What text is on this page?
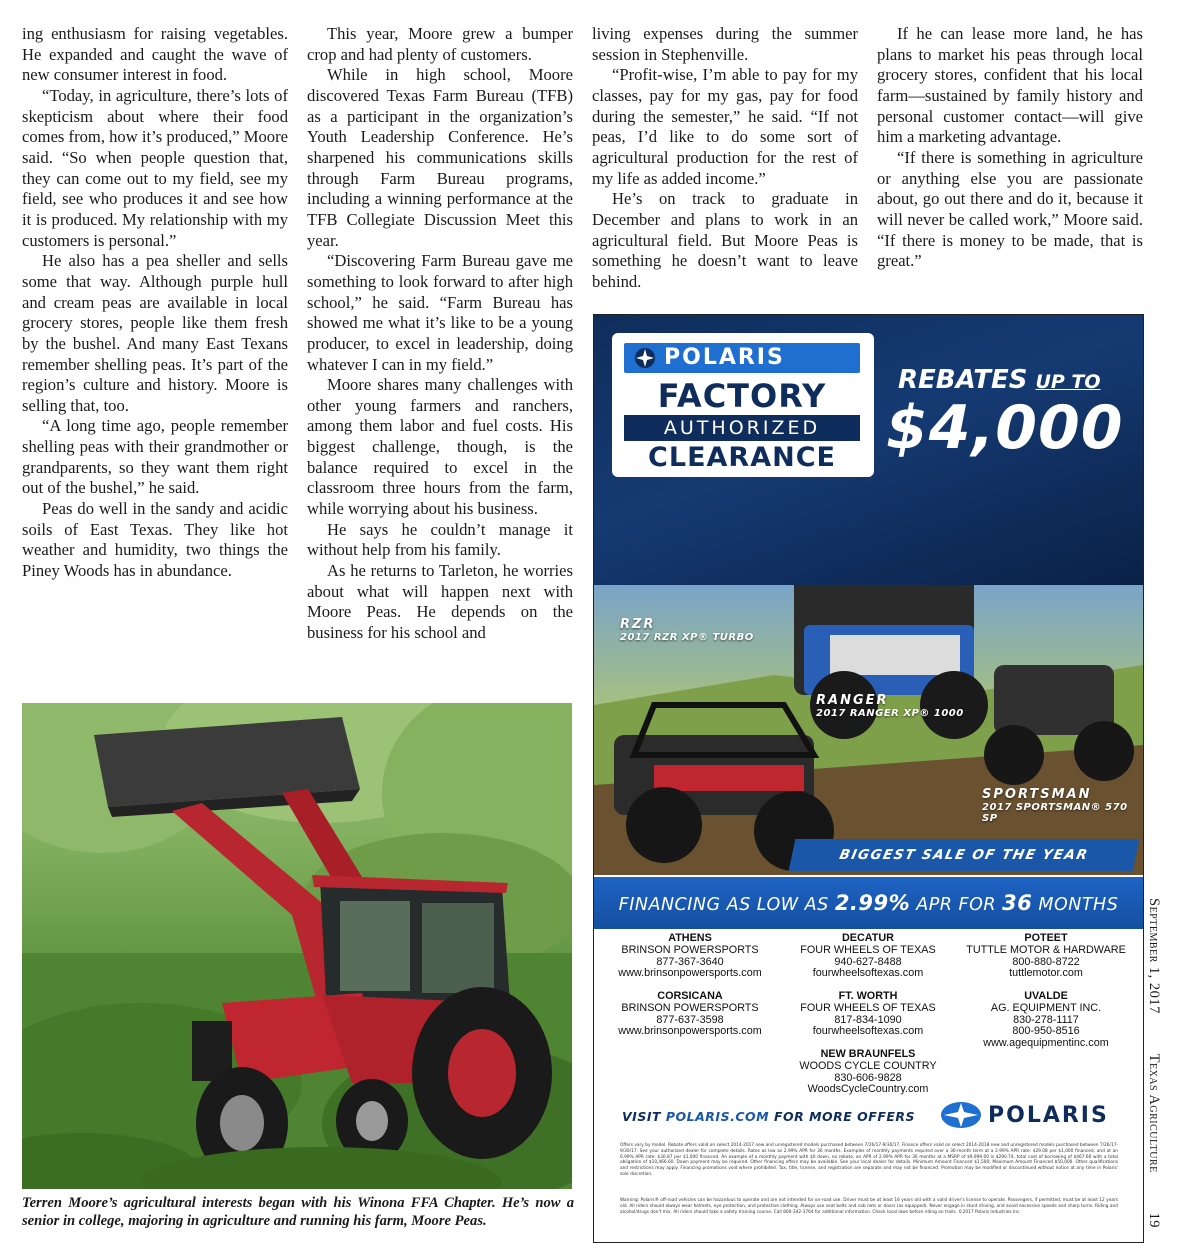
ing enthusiasm for raising vegetables. He expanded and caught the wave of new consumer interest in food.

“Today, in agriculture, there’s lots of skepticism about where their food comes from, how it’s produced,” Moore said. “So when people question that, they can come out to my field, see my field, see who produces it and see how it is produced. My relationship with my customers is personal.”

He also has a pea sheller and sells some that way. Although purple hull and cream peas are available in local grocery stores, people like them fresh by the bushel. And many East Texans remember shelling peas. It’s part of the region’s culture and history. Moore is selling that, too.

“A long time ago, people remember shelling peas with their grandmother or grandparents, so they want them right out of the bushel,” he said.

Peas do well in the sandy and acidic soils of East Texas. They like hot weather and humidity, two things the Piney Woods has in abundance.

This year, Moore grew a bumper crop and had plenty of customers.

While in high school, Moore discovered Texas Farm Bureau (TFB) as a participant in the organization’s Youth Leadership Conference. He’s sharpened his communications skills through Farm Bureau programs, including a winning performance at the TFB Collegiate Discussion Meet this year.

“Discovering Farm Bureau gave me something to look forward to after high school,” he said. “Farm Bureau has showed me what it’s like to be a young producer, to excel in leadership, doing whatever I can in my field.”

Moore shares many challenges with other young farmers and ranchers, among them labor and fuel costs. His biggest challenge, though, is the balance required to excel in the classroom three hours from the farm, while worrying about his business.

He says he couldn’t manage it without help from his family.

As he returns to Tarleton, he worries about what will happen next with Moore Peas. He depends on the business for his school and

living expenses during the summer session in Stephenville.

“Profit-wise, I’m able to pay for my classes, pay for my gas, pay for food during the semester,” he said. “If not peas, I’d like to do some sort of agricultural production for the rest of my life as added income.”

He’s on track to graduate in December and plans to work in an agricultural field. But Moore Peas is something he doesn’t want to leave behind.

If he can lease more land, he has plans to market his peas through local grocery stores, confident that his local farm—sustained by family history and personal customer contact—will give him a marketing advantage.

“If there is something in agriculture or anything else you are passionate about, go out there and do it, because it will never be called work,” Moore said. “If there is money to be made, that is great.”

Terren Moore’s agricultural interests began with his Winona FFA Chapter. He’s now a senior in college, majoring in agriculture and running his farm, Moore Peas.
POLARIS
FACTORY
AUTHORIZED
CLEARANCE
REBATES UP TO
$4,000
RZR
2017 RZR XP® TURBO
RANGER
2017 RANGER XP® 1000
SPORTSMAN
2017 SPORTSMAN® 570 SP
BIGGEST SALE OF THE YEAR
FINANCING AS LOW AS 2.99% APR FOR 36 MONTHS
ATHENS
BRINSON POWERSPORTS
877-367-3640
www.brinsonpowersports.com
DECATUR
FOUR WHEELS OF TEXAS
940-627-8488
fourwheelsoftexas.com
POTEET
TUTTLE MOTOR & HARDWARE
800-880-8722
tuttlemotor.com
CORSICANA
BRINSON POWERSPORTS
877-637-3598
www.brinsonpowersports.com
FT. WORTH
FOUR WHEELS OF TEXAS
817-834-1090
fourwheelsoftexas.com
UVALDE
AG. EQUIPMENT INC.
830-278-1117
800-950-8516
www.agequipmentinc.com
NEW BRAUNFELS
WOODS CYCLE COUNTRY
830-606-9828
WoodsCycleCountry.com
VISIT POLARIS.COM FOR MORE OFFERS	POLARIS
Offers vary by model. Rebate offers valid on select 2014-2017 new and unregistered models purchased between 7/26/17-9/30/17. Finance offers valid on select 2014-2018 new and unregistered models purchased between 7/26/17-9/30/17. See your authorized dealer for complete details. Rates as low as 2.99% APR for 36 months. Examples of monthly payments required over a 36-month term at a 2.99% APR rate: $29.08 per $1,000 financed, and at an 6.99% APR rate: $30.87 per $1,000 financed. An example of a monthly payment with $0 down, no rebate, an APR of 2.99% APR for 36 months at a MSRP of $9,999.00 is $290.74, total cost of borrowing of $467.60 with a total obligation of $10,466.60. Down payment may be required. Other financing offers may be available. See your local dealer for details. Minimum Amount Financed $1,500; Maximum Amount Financed $50,000. Other qualifications and restrictions may apply. Financing promotions void where prohibited. Tax, title, license, and registration are separate and may not be financed. Promotion may be modified or discontinued without notice at any time in Polaris' sole discretion.
Warning: Polaris® off-road vehicles can be hazardous to operate and are not intended for on-road use. Driver must be at least 16 years old with a valid driver's license to operate. Passengers, if permitted, must be at least 12 years old. All riders should always wear helmets, eye protection, and protective clothing. Always use seat belts and cab nets or doors (as equipped). Never engage in stunt driving, and avoid excessive speeds and sharp turns. Riding and alcohol/drugs don't mix. All riders should take a safety training course. Call 800-342-3764 for additional information. Check local laws before riding on trails. ©2017 Polaris Industries Inc.
September 1, 2017
Texas Agriculture
19
